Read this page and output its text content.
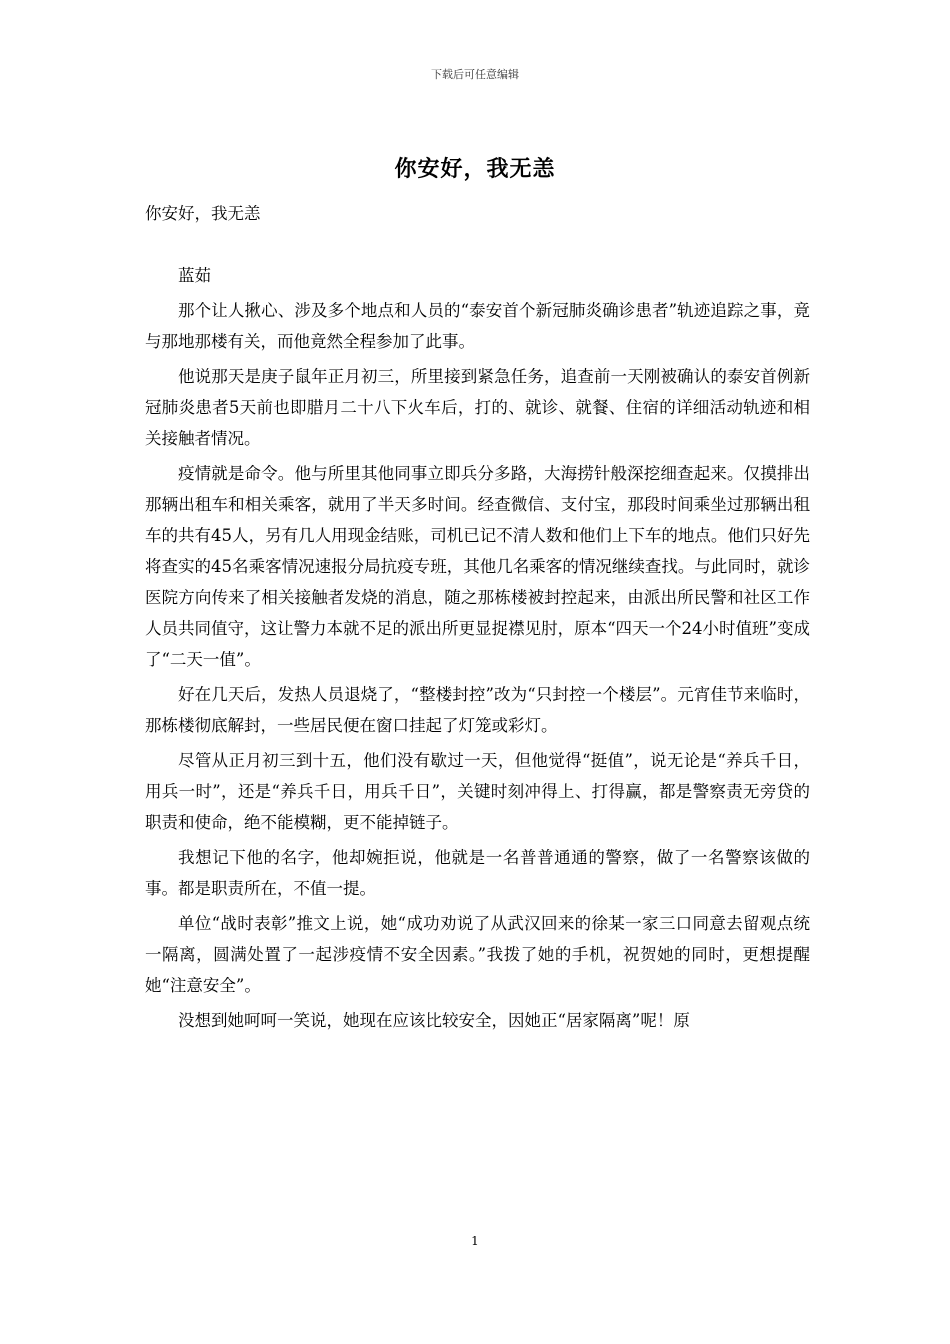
下载后可任意编辑
你安好，我无恙

你安好，我无恙

蓝茹

那个让人揪心、涉及多个地点和人员的“泰安首个新冠肺炎确诊患者”轨迹追踪之事，竟与那地那楼有关，而他竟然全程参加了此事。

他说那天是庚子鼠年正月初三，所里接到紧急任务，追查前一天刚被确认的泰安首例新冠肺炎患者5天前也即腊月二十八下火车后，打的、就诊、就餐、住宿的详细活动轨迹和相关接触者情况。

疫情就是命令。他与所里其他同事立即兵分多路，大海捞针般深挖细查起来。仅摸排出那辆出租车和相关乘客，就用了半天多时间。经查微信、支付宝，那段时间乘坐过那辆出租车的共有45人，另有几人用现金结账，司机已记不清人数和他们上下车的地点。他们只好先将查实的45名乘客情况速报分局抗疫专班，其他几名乘客的情况继续查找。与此同时，就诊医院方向传来了相关接触者发烧的消息，随之那栋楼被封控起来，由派出所民警和社区工作人员共同值守，这让警力本就不足的派出所更显捉襟见肘，原本“四天一个24小时值班”变成了“二天一值”。

好在几天后，发热人员退烧了，“整楼封控”改为“只封控一个楼层”。元宵佳节来临时，那栋楼彻底解封，一些居民便在窗口挂起了灯笼或彩灯。

尽管从正月初三到十五，他们没有歇过一天，但他觉得“挺值”，说无论是“养兵千日，用兵一时”，还是“养兵千日，用兵千日”，关键时刻冲得上、打得赢，都是警察责无旁贷的职责和使命，绝不能模糊，更不能掉链子。

我想记下他的名字，他却婉拒说，他就是一名普普通通的警察，做了一名警察该做的事。都是职责所在，不值一提。

单位“战时表彰”推文上说，她“成功劝说了从武汉回来的徐某一家三口同意去留观点统一隔离，圆满处置了一起涉疫情不安全因素。”我拨了她的手机，祝贺她的同时，更想提醒她“注意安全”。

没想到她呵呵一笑说，她现在应该比较安全，因她正“居家隔离”呢！原

1
